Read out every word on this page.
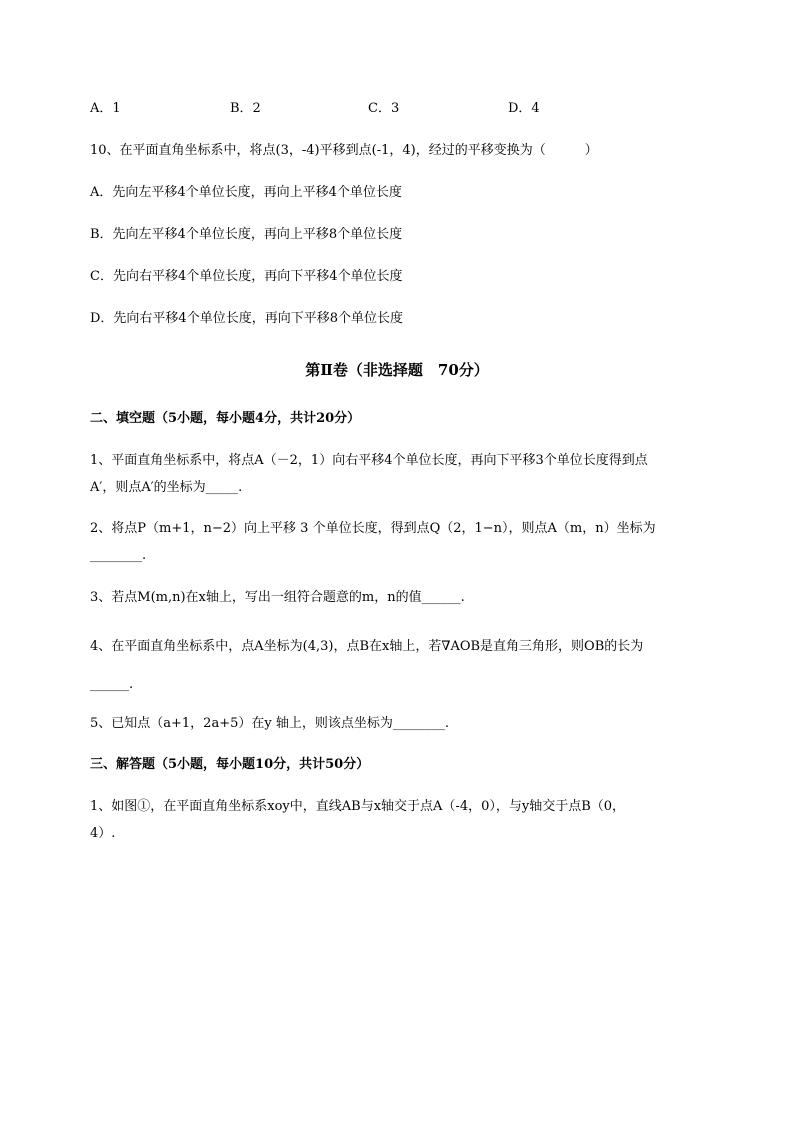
A．1	B．2	C．3	D．4
10、在平面直角坐标系中，将点(3，-4)平移到点(-1，4)，经过的平移变换为（　　　）
A．先向左平移4个单位长度，再向上平移4个单位长度
B．先向左平移4个单位长度，再向上平移8个单位长度
C．先向右平移4个单位长度，再向下平移4个单位长度
D．先向右平移4个单位长度，再向下平移8个单位长度
第Ⅱ卷（非选择题　70分）
二、填空题（5小题，每小题4分，共计20分）
1、平面直角坐标系中，将点A（－2，1）向右平移4个单位长度，再向下平移3个单位长度得到点
A′，则点A′的坐标为_____.
2、将点P（m+1，n−2）向上平移 3 个单位长度，得到点Q（2，1−n），则点A（m，n）坐标为
________.
3、若点M(m,n)在x轴上，写出一组符合题意的m，n的值______.
4、在平面直角坐标系中，点A坐标为(4,3)，点B在x轴上，若∇AOB是直角三角形，则OB的长为
______.
5、已知点（a+1，2a+5）在y 轴上，则该点坐标为________.
三、解答题（5小题，每小题10分，共计50分）
1、如图①，在平面直角坐标系xoy中，直线AB与x轴交于点A（-4，0），与y轴交于点B（0，
4）.
